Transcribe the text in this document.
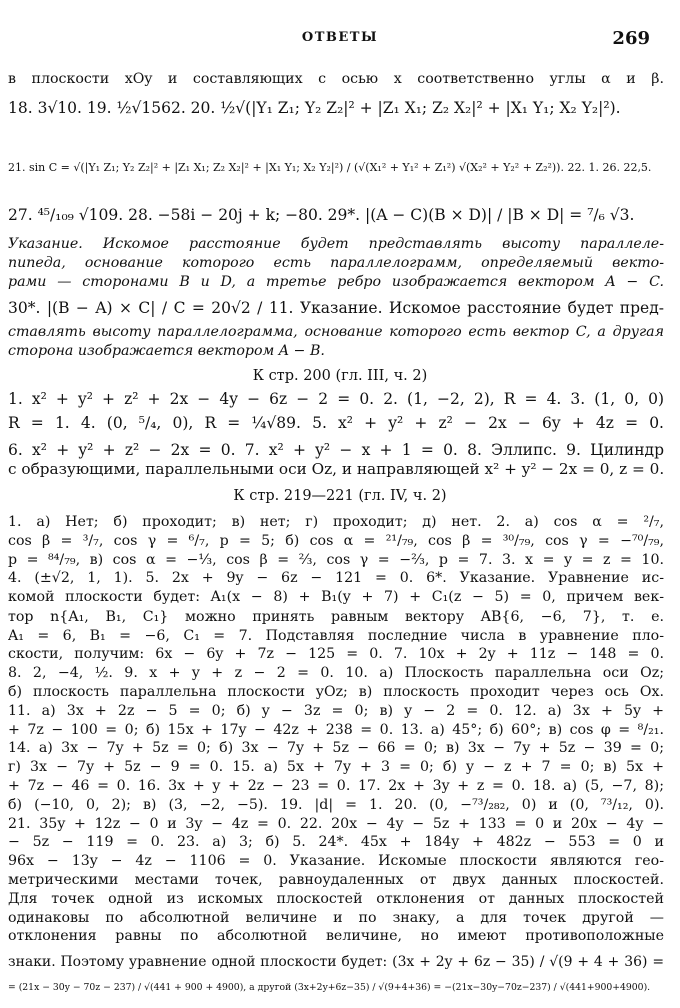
ОТВЕТЫ	269
в плоскости xOy и составляющих с осью x соответственно углы α и β.
18. 3√10. 19. ½√1562. 20. ½√(|Y₁ Z₁; Y₂ Z₂|² + |Z₁ X₁; Z₂ X₂|² + |X₁ Y₁; X₂ Y₂|²).
21. sin C = √(|Y₁ Z₁; Y₂ Z₂|² + |Z₁ X₁; Z₂ X₂|² + |X₁ Y₁; X₂ Y₂|²) / (√(X₁² + Y₁² + Z₁²) √(X₂² + Y₂² + Z₂²)). 22. 1. 26. 22,5.
27. ⁴⁵/₁₀₉ √109. 28. −58i − 20j + k; −80. 29*. |(A − C)(B × D)| / |B × D| = ⁷/₆ √3.
Указание. Искомое расстояние будет представлять высоту параллеле-
пипеда, основание которого есть параллелограмм, определяемый векто-
рами — сторонами B и D, а третье ребро изображается вектором A − C.
30*. |(B − A) × C| / C = 20√2 / 11. Указание. Искомое расстояние будет пред-
ставлять высоту параллелограмма, основание которого есть вектор C, а другая
сторона изображается вектором A − B.
К стр. 200 (гл. III, ч. 2)
1. x² + y² + z² + 2x − 4y − 6z − 2 = 0. 2. (1, −2, 2), R = 4. 3. (1, 0, 0)
R = 1. 4. (0, ⁵/₄, 0), R = ¼√89. 5. x² + y² + z² − 2x − 6y + 4z = 0.
6. x² + y² + z² − 2x = 0. 7. x² + y² − x + 1 = 0. 8. Эллипс. 9. Цилиндр
с образующими, параллельными оси Oz, и направляющей x² + y² − 2x = 0, z = 0.
К стр. 219—221 (гл. IV, ч. 2)
1. а) Нет; б) проходит; в) нет; г) проходит; д) нет. 2. а) cos α = ²/₇,
cos β = ³/₇, cos γ = ⁶/₇, p = 5; б) cos α = ²¹/₇₉, cos β = ³⁰/₇₉, cos γ = −⁷⁰/₇₉,
p = ⁸⁴/₇₉, в) cos α = −⅓, cos β = ⅔, cos γ = −⅔, p = 7. 3. x = y = z = 10.
4. (±√2, 1, 1). 5. 2x + 9y − 6z − 121 = 0. 6*. Указание. Уравнение ис-
комой плоскости будет: A₁(x − 8) + B₁(y + 7) + C₁(z − 5) = 0, причем век-
тор n{A₁, B₁, C₁} можно принять равным вектору AB{6, −6, 7}, т. е.
A₁ = 6, B₁ = −6, C₁ = 7. Подставляя последние числа в уравнение пло-
скости, получим: 6x − 6y + 7z − 125 = 0. 7. 10x + 2y + 11z − 148 = 0.
8. 2, −4, ½. 9. x + y + z − 2 = 0. 10. а) Плоскость параллельна оси Oz;
б) плоскость параллельна плоскости yOz; в) плоскость проходит через ось Ox.
11. а) 3x + 2z − 5 = 0; б) y − 3z = 0; в) y − 2 = 0. 12. а) 3x + 5y +
+ 7z − 100 = 0; б) 15x + 17y − 42z + 238 = 0. 13. а) 45°; б) 60°; в) cos φ = ⁸/₂₁.
14. а) 3x − 7y + 5z = 0; б) 3x − 7y + 5z − 66 = 0; в) 3x − 7y + 5z − 39 = 0;
г) 3x − 7y + 5z − 9 = 0. 15. а) 5x + 7y + 3 = 0; б) y − z + 7 = 0; в) 5x +
+ 7z − 46 = 0. 16. 3x + y + 2z − 23 = 0. 17. 2x + 3y + z = 0. 18. а) (5, −7, 8);
б) (−10, 0, 2); в) (3, −2, −5). 19. |d| = 1. 20. (0, −⁷³/₂₈₂, 0) и (0, ⁷³/₁₂, 0).
21. 35y + 12z − 0 и 3y − 4z = 0. 22. 20x − 4y − 5z + 133 = 0 и 20x − 4y −
− 5z − 119 = 0. 23. а) 3; б) 5. 24*. 45x + 184y + 482z − 553 = 0 и
96x − 13y − 4z − 1106 = 0. Указание. Искомые плоскости являются гео-
метрическими местами точек, равноудаленных от двух данных плоскостей.
Для точек одной из искомых плоскостей отклонения от данных плоскостей
одинаковы по абсолютной величине и по знаку, а для точек другой —
отклонения равны по абсолютной величине, но имеют противоположные
знаки. Поэтому уравнение одной плоскости будет: (3x + 2y + 6z − 35) / √(9 + 4 + 36) =
= (21x − 30y − 70z − 237) / √(441 + 900 + 4900), а другой (3x+2y+6z−35) / √(9+4+36) = −(21x−30y−70z−237) / √(441+900+4900).
